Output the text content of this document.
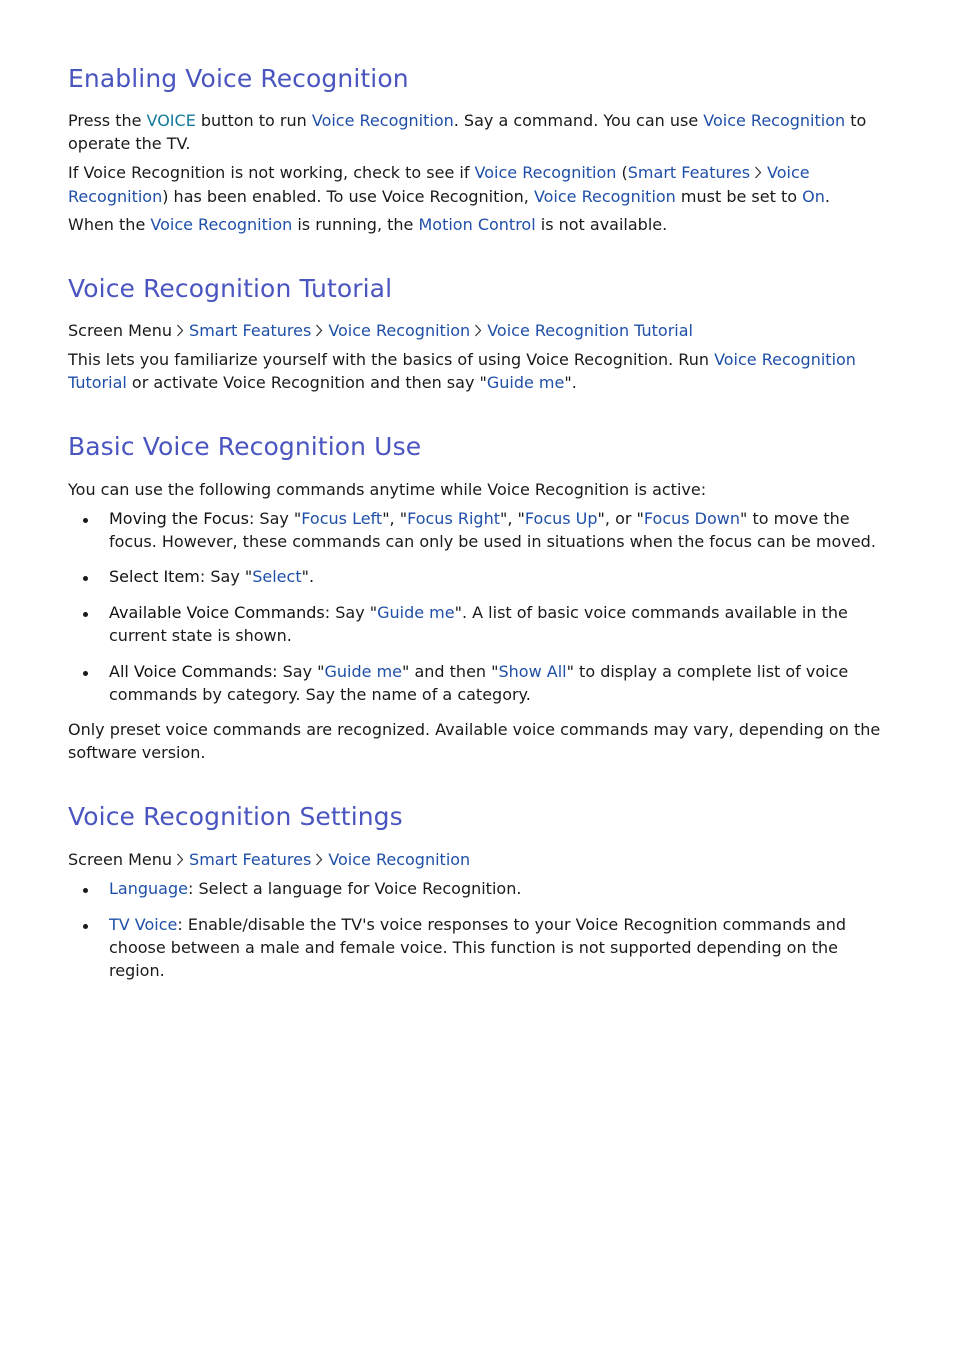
Enabling Voice Recognition

Press the VOICE button to run Voice Recognition. Say a command. You can use Voice Recognition to operate the TV.

If Voice Recognition is not working, check to see if Voice Recognition (Smart Features Voice Recognition) has been enabled. To use Voice Recognition, Voice Recognition must be set to On.

When the Voice Recognition is running, the Motion Control is not available.

Voice Recognition Tutorial

Screen Menu Smart Features Voice Recognition Voice Recognition Tutorial

This lets you familiarize yourself with the basics of using Voice Recognition. Run Voice Recognition Tutorial or activate Voice Recognition and then say "Guide me".

Basic Voice Recognition Use

You can use the following commands anytime while Voice Recognition is active:

Moving the Focus: Say "Focus Left", "Focus Right", "Focus Up", or "Focus Down" to move the focus. However, these commands can only be used in situations when the focus can be moved.
Select Item: Say "Select".
Available Voice Commands: Say "Guide me". A list of basic voice commands available in the current state is shown.
All Voice Commands: Say "Guide me" and then "Show All" to display a complete list of voice commands by category. Say the name of a category.

Only preset voice commands are recognized. Available voice commands may vary, depending on the software version.

Voice Recognition Settings

Screen Menu Smart Features Voice Recognition

Language: Select a language for Voice Recognition.
TV Voice: Enable/disable the TV's voice responses to your Voice Recognition commands and choose between a male and female voice. This function is not supported depending on the region.
